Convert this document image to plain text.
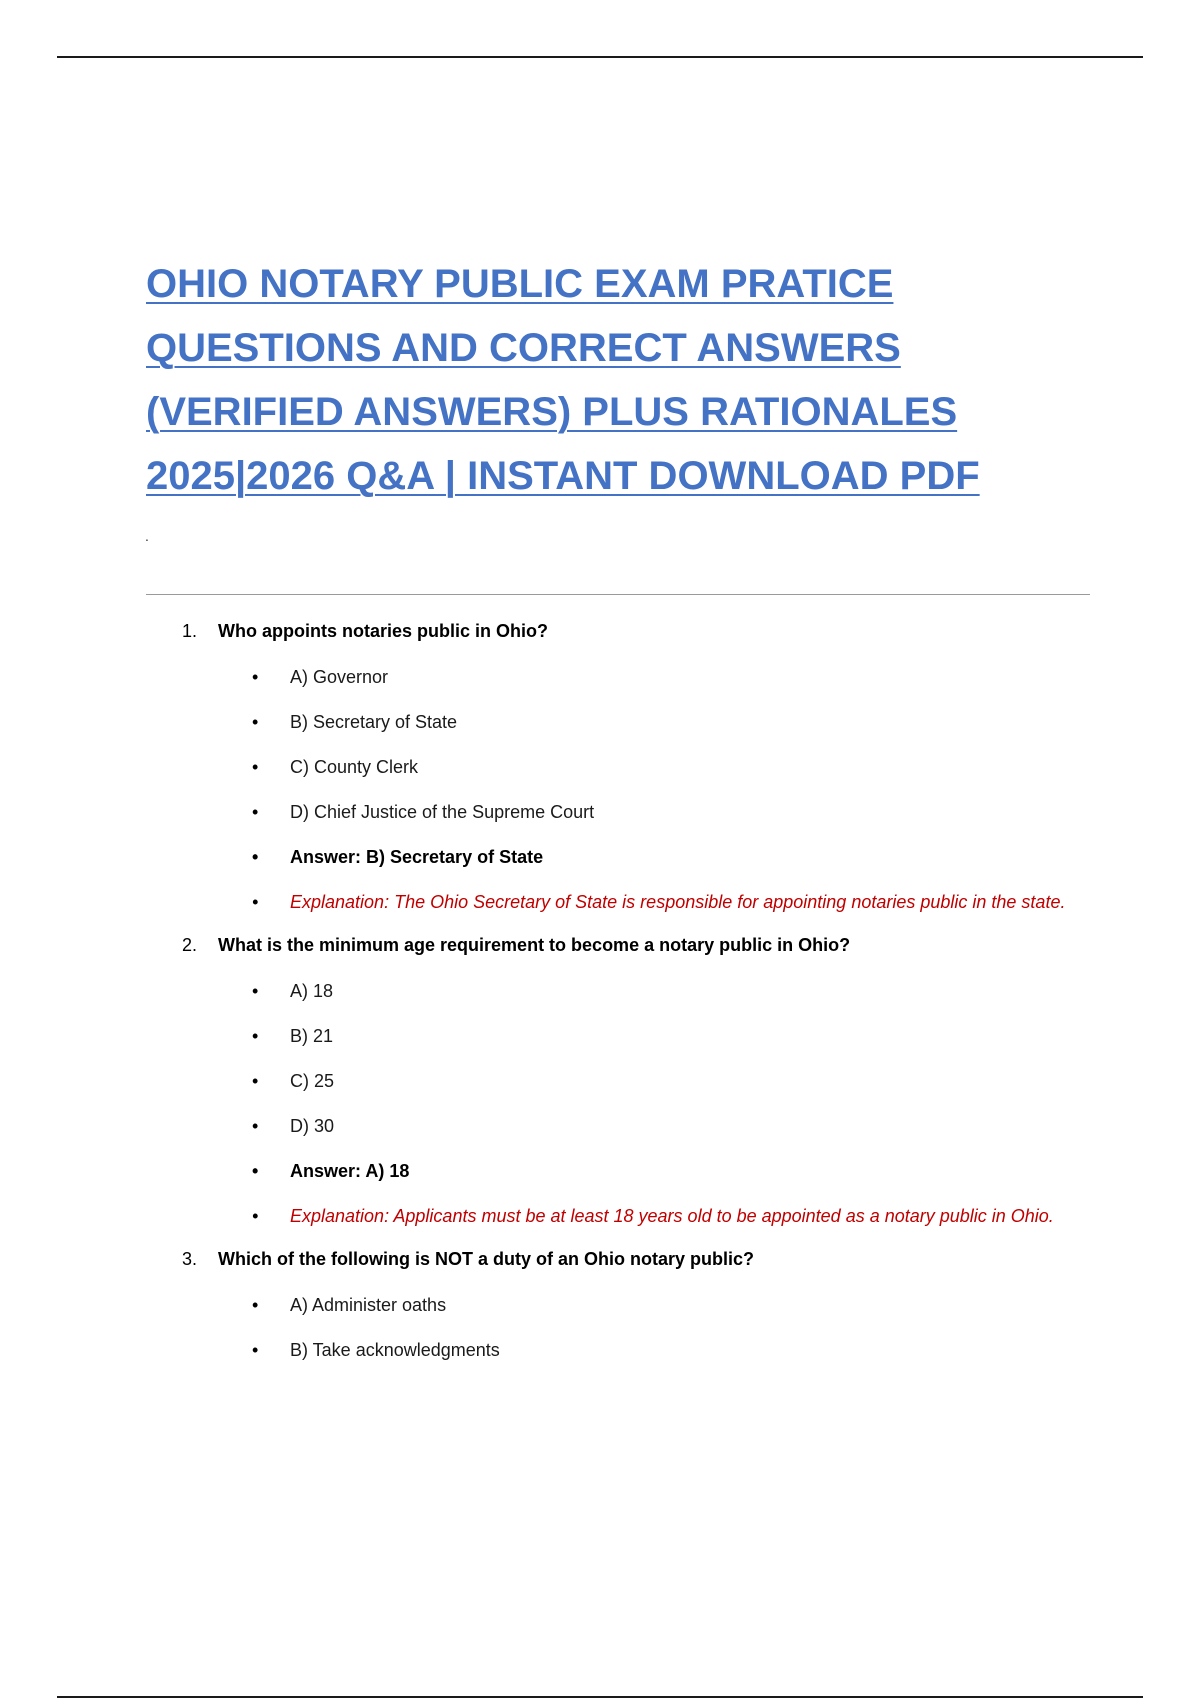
OHIO NOTARY PUBLIC EXAM PRATICE
QUESTIONS AND CORRECT ANSWERS
(VERIFIED ANSWERS) PLUS RATIONALES
2025|2026 Q&A | INSTANT DOWNLOAD PDF
.
1. Who appoints notaries public in Ohio?
• A) Governor
• B) Secretary of State
• C) County Clerk
• D) Chief Justice of the Supreme Court
• Answer: B) Secretary of State
• Explanation: The Ohio Secretary of State is responsible for appointing notaries public in the state.
2. What is the minimum age requirement to become a notary public in Ohio?
• A) 18
• B) 21
• C) 25
• D) 30
• Answer: A) 18
• Explanation: Applicants must be at least 18 years old to be appointed as a notary public in Ohio.
3. Which of the following is NOT a duty of an Ohio notary public?
• A) Administer oaths
• B) Take acknowledgments
